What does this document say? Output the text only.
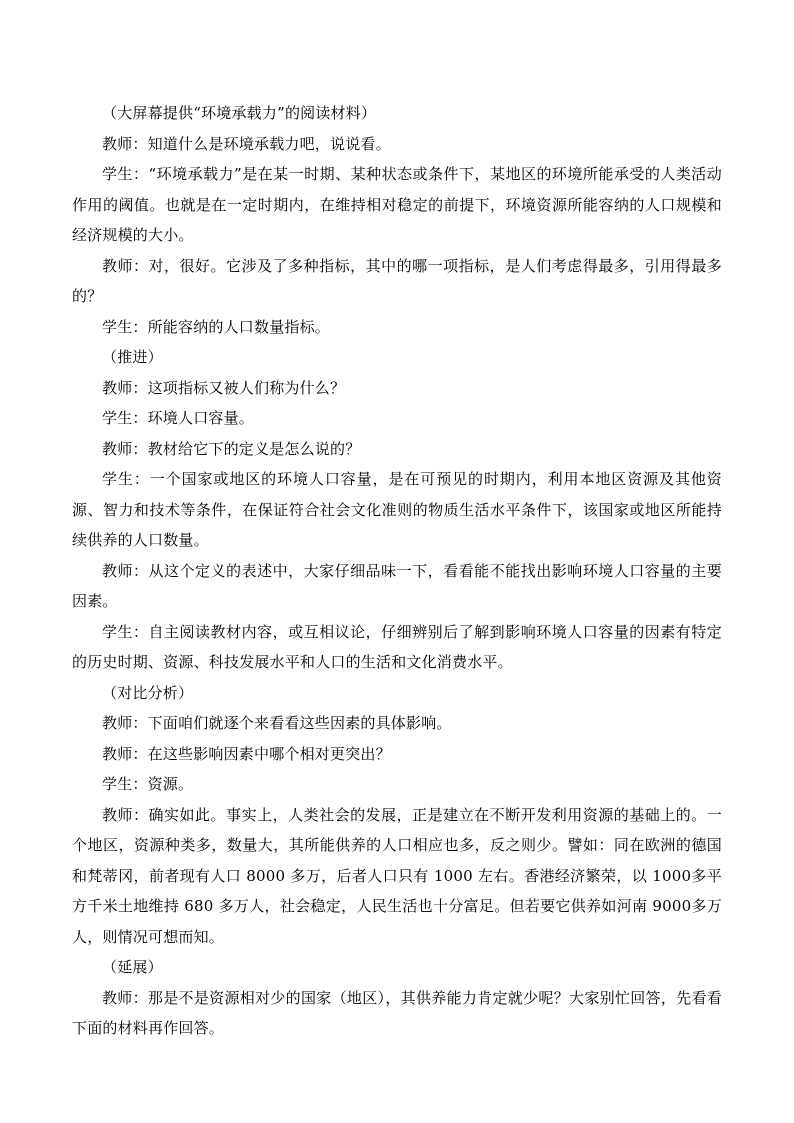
（大屏幕提供“环境承载力”的阅读材料）

教师：知道什么是环境承载力吧，说说看。

学生：“环境承载力”是在某一时期、某种状态或条件下，某地区的环境所能承受的人类活动作用的阈值。也就是在一定时期内，在维持相对稳定的前提下，环境资源所能容纳的人口规模和经济规模的大小。

教师：对，很好。它涉及了多种指标，其中的哪一项指标，是人们考虑得最多，引用得最多的？

学生：所能容纳的人口数量指标。

（推进）

教师：这项指标又被人们称为什么？

学生：环境人口容量。

教师：教材给它下的定义是怎么说的？

学生：一个国家或地区的环境人口容量，是在可预见的时期内，利用本地区资源及其他资源、智力和技术等条件，在保证符合社会文化准则的物质生活水平条件下，该国家或地区所能持续供养的人口数量。

教师：从这个定义的表述中，大家仔细品味一下，看看能不能找出影响环境人口容量的主要因素。

学生：自主阅读教材内容，或互相议论，仔细辨别后了解到影响环境人口容量的因素有特定的历史时期、资源、科技发展水平和人口的生活和文化消费水平。

（对比分析）

教师：下面咱们就逐个来看看这些因素的具体影响。

教师：在这些影响因素中哪个相对更突出？

学生：资源。

教师：确实如此。事实上，人类社会的发展，正是建立在不断开发利用资源的基础上的。一个地区，资源种类多，数量大，其所能供养的人口相应也多，反之则少。譬如：同在欧洲的德国和梵蒂冈，前者现有人口 8000 多万，后者人口只有 1000 左右。香港经济繁荣，以 1000多平方千米土地维持 680 多万人，社会稳定，人民生活也十分富足。但若要它供养如河南 9000多万人，则情况可想而知。

（延展）

教师：那是不是资源相对少的国家（地区），其供养能力肯定就少呢？大家别忙回答，先看看下面的材料再作回答。
